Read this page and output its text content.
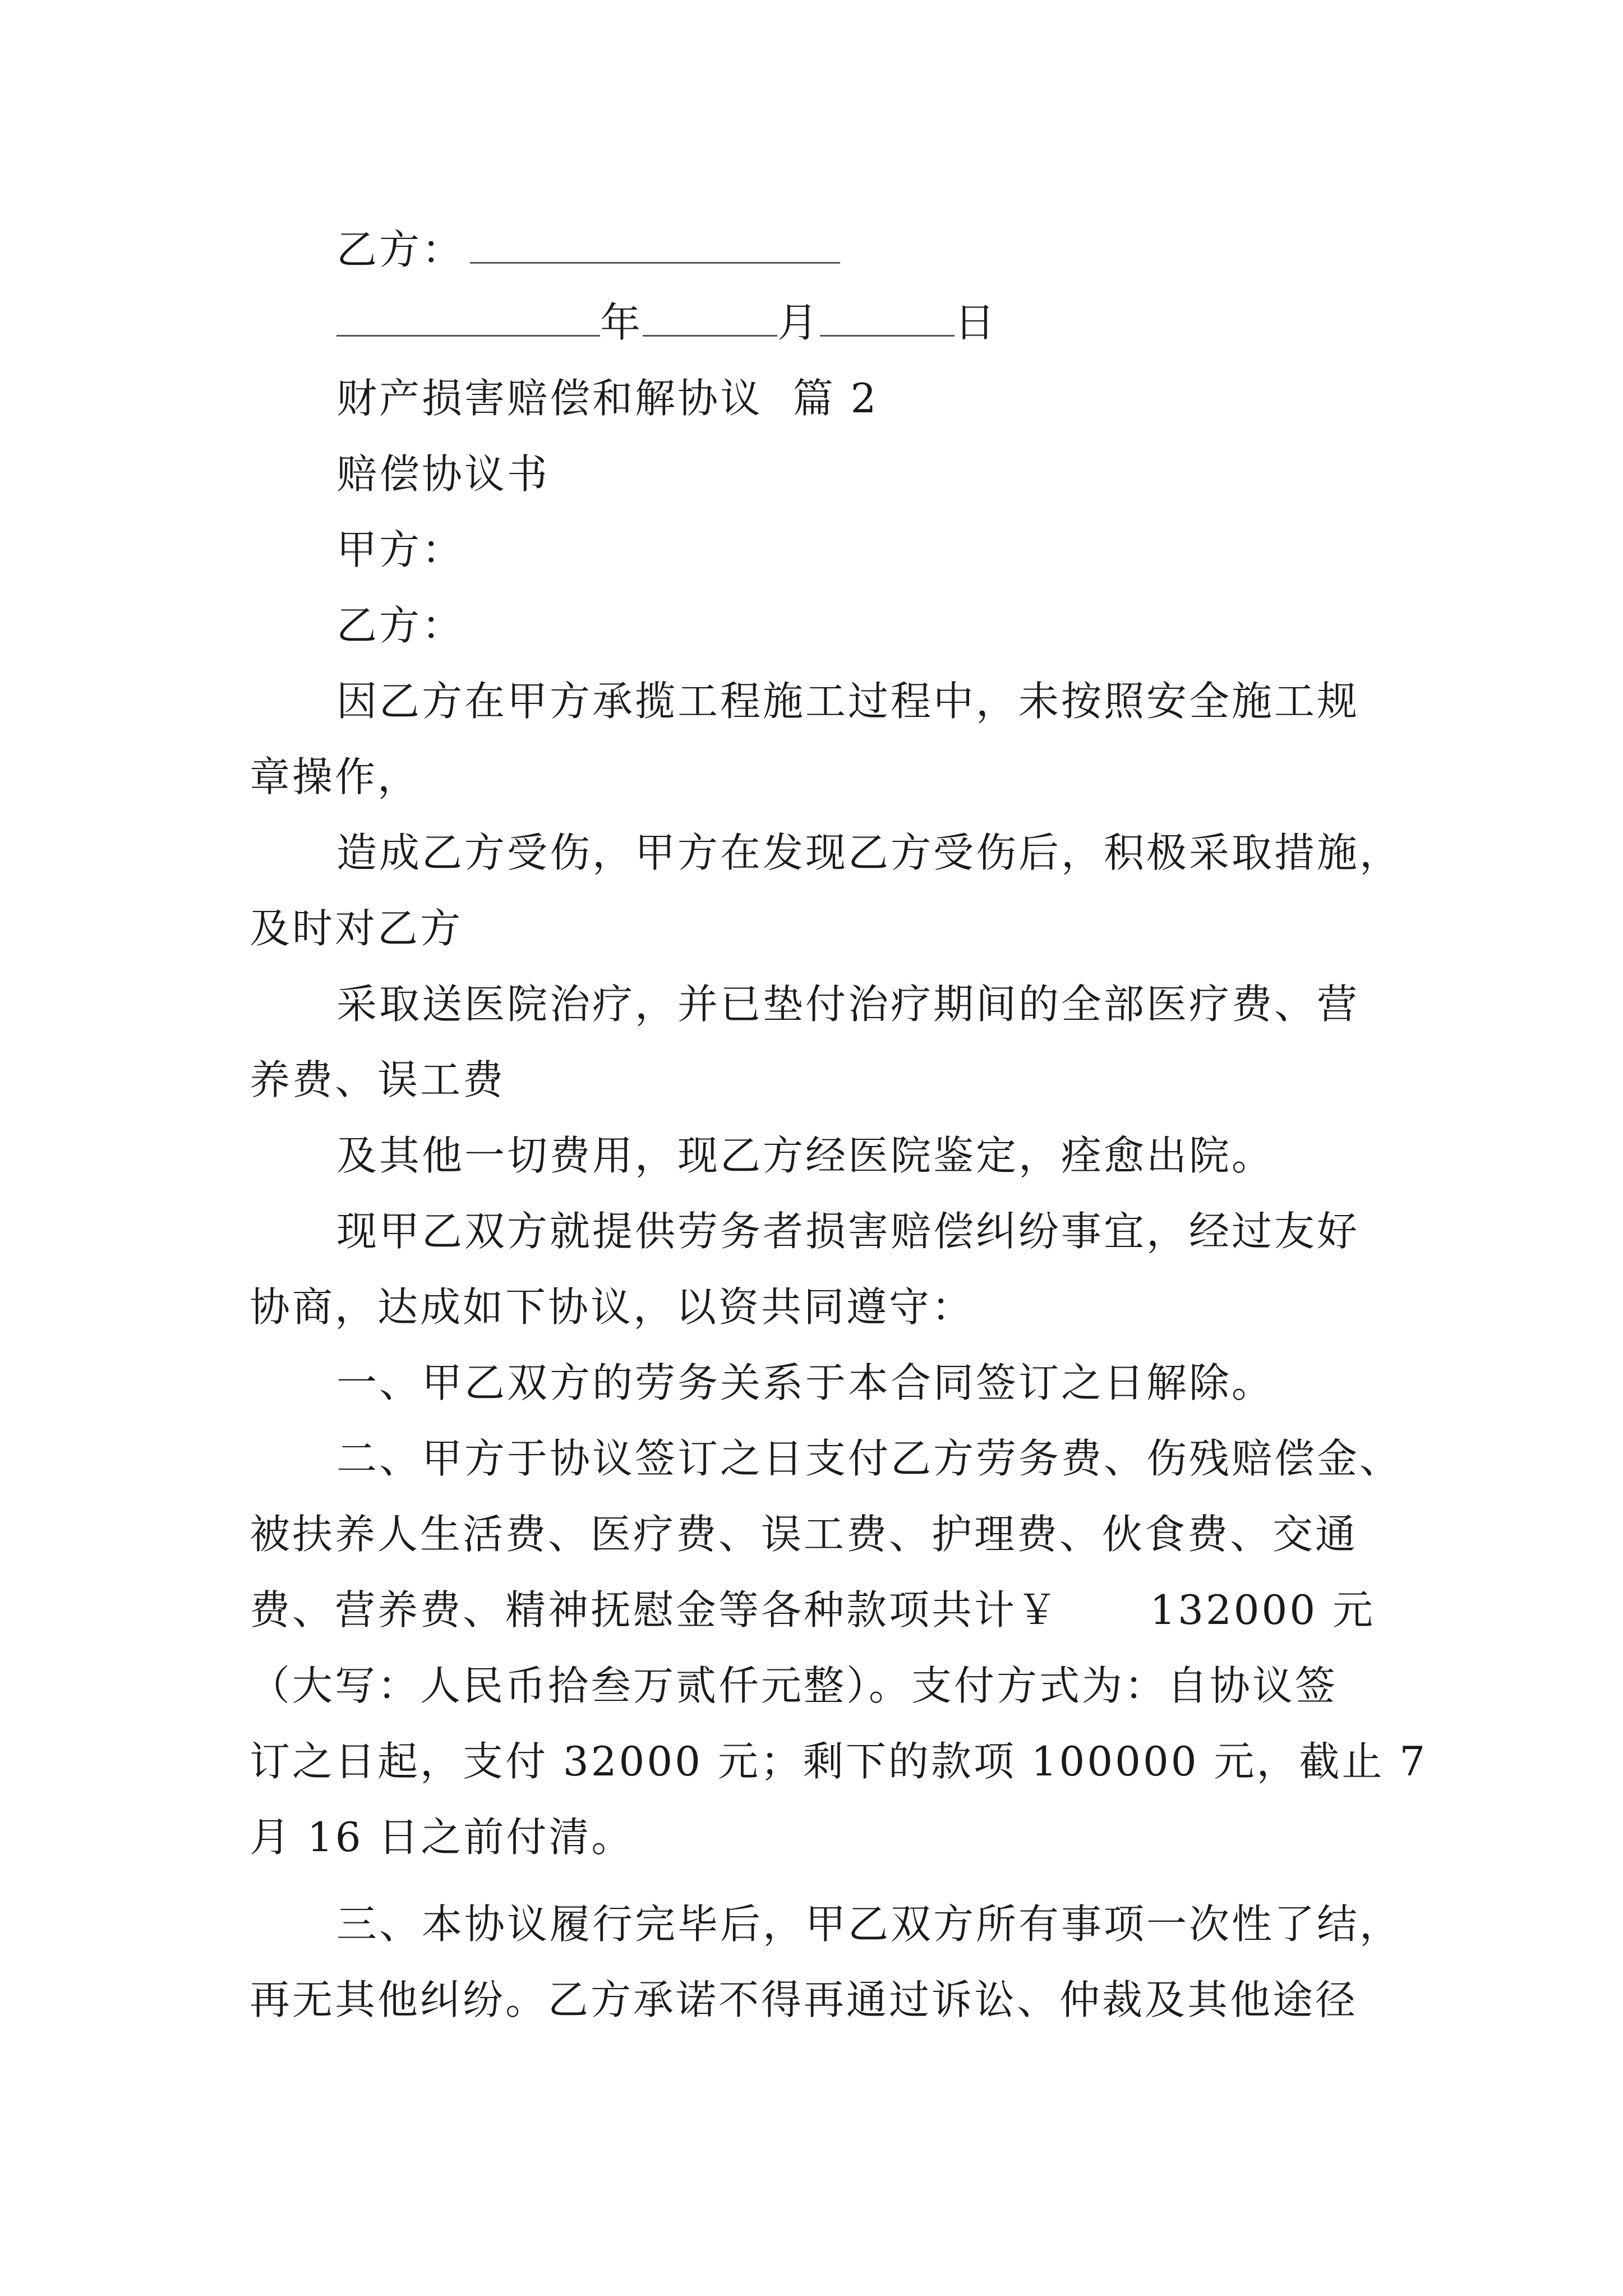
乙方：
年	月	日
财产损害赔偿和解协议  篇 2
赔偿协议书
甲方：
乙方：
因乙方在甲方承揽工程施工过程中，未按照安全施工规
章操作，
造成乙方受伤，甲方在发现乙方受伤后，积极采取措施，
及时对乙方
采取送医院治疗，并已垫付治疗期间的全部医疗费、营
养费、误工费
及其他一切费用，现乙方经医院鉴定，痊愈出院。
现甲乙双方就提供劳务者损害赔偿纠纷事宜，经过友好
协商，达成如下协议，以资共同遵守：
一、甲乙双方的劳务关系于本合同签订之日解除。
二、甲方于协议签订之日支付乙方劳务费、伤残赔偿金、
被扶养人生活费、医疗费、误工费、护理费、伙食费、交通
费、营养费、精神抚慰金等各种款项共计￥      132000 元
（大写：人民币拾叁万贰仟元整）。支付方式为：自协议签
订之日起，支付 32000 元；剩下的款项 100000 元，截止 7
月 16 日之前付清。
三、本协议履行完毕后，甲乙双方所有事项一次性了结，
再无其他纠纷。乙方承诺不得再通过诉讼、仲裁及其他途径
